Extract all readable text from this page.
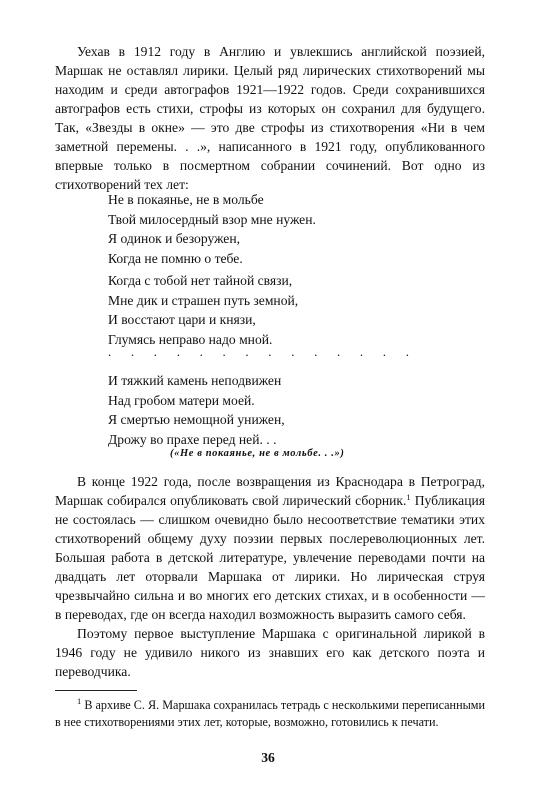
Уехав в 1912 году в Англию и увлекшись английской поэзией, Маршак не оставлял лирики. Целый ряд лирических стихотворений мы находим и среди автографов 1921—1922 годов. Среди сохранившихся автографов есть стихи, строфы из которых он сохранил для будущего. Так, «Звезды в окне» — это две строфы из стихотворения «Ни в чем заметной перемены. . .», написанного в 1921 году, опубликованного впервые только в посмертном собрании сочинений. Вот одно из стихотворений тех лет:

Не в покаянье, не в мольбе
Твой милосердный взор мне нужен.
Я одинок и безоружен,
Когда не помню о тебе.
Когда с тобой нет тайной связи,
Мне дик и страшен путь земной,
И восстают цари и князи,
Глумясь неправо надо мной.
. . . . . . . . . . . . . .
И тяжкий камень неподвижен
Над гробом матери моей.
Я смертью немощной унижен,
Дрожу во прахе перед ней. . .
(«Не в покаянье, не в мольбе. . .»)

В конце 1922 года, после возвращения из Краснодара в Петроград, Маршак собирался опубликовать свой лирический сборник.$^1$ Публикация не состоялась — слишком очевидно было несоответствие тематики этих стихотворений общему духу поэзии первых послереволюционных лет. Большая работа в детской литературе, увлечение переводами почти на двадцать лет оторвали Маршака от лирики. Но лирическая струя чрезвычайно сильна и во многих его детских стихах, и в особенности — в переводах, где он всегда находил возможность выразить самого себя.

Поэтому первое выступление Маршака с оригинальной лирикой в 1946 году не удивило никого из знавших его как детского поэта и переводчика.

$^1$ В архиве С. Я. Маршака сохранилась тетрадь с несколькими переписанными в нее стихотворениями этих лет, которые, возможно, готовились к печати.

36
